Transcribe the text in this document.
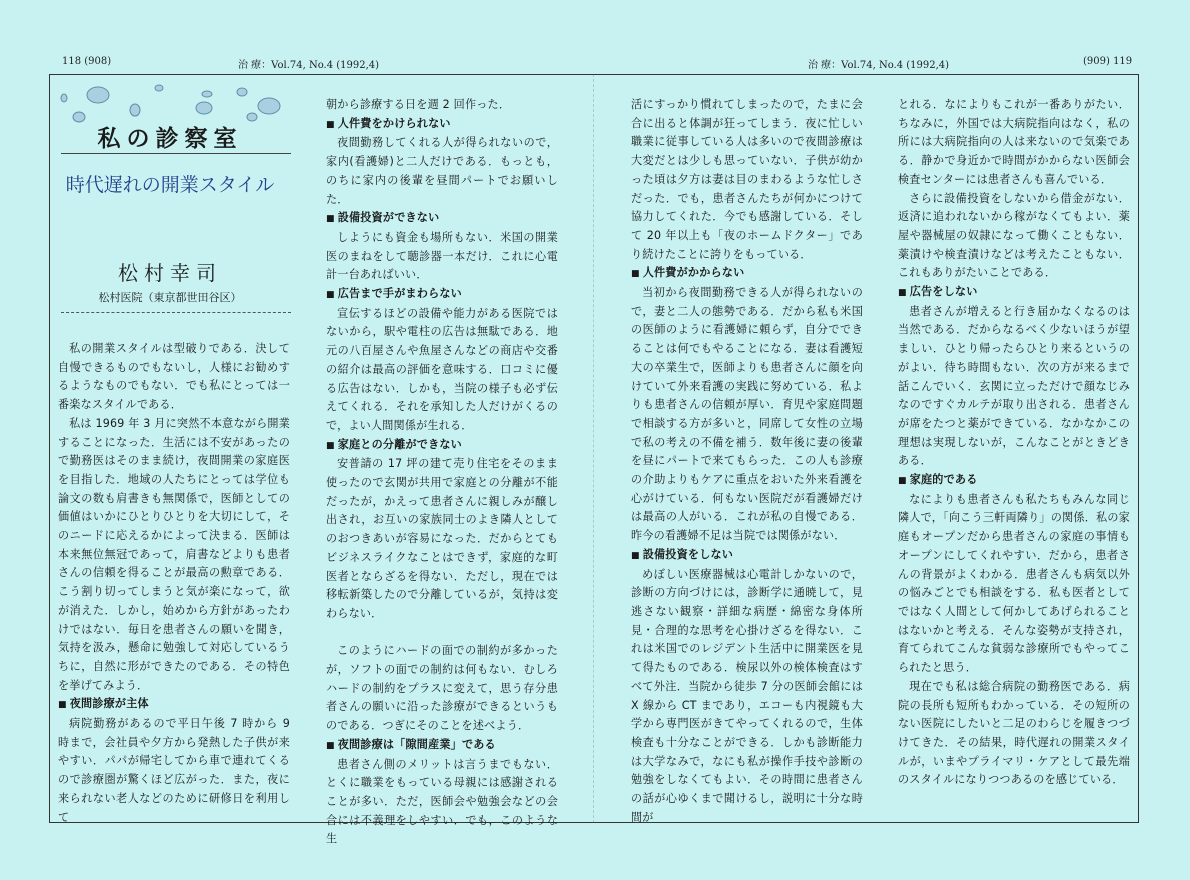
118 (908)	治 療：Vol.74, No.4 (1992,4)	治 療：Vol.74, No.4 (1992,4)	(909) 119
私の診察室
時代遅れの開業スタイル
松村幸司
松村医院（東京都世田谷区）

私の開業スタイルは型破りである．決して自慢できるものでもないし，人様にお勧めするようなものでもない．でも私にとっては一番楽なスタイルである．

私は 1969 年 3 月に突然不本意ながら開業することになった．生活には不安があったので勤務医はそのまま続け，夜間開業の家庭医を目指した．地域の人たちにとっては学位も論文の数も肩書きも無関係で，医師としての価値はいかにひとりひとりを大切にして，そのニードに応えるかによって決まる．医師は本来無位無冠であって，肩書などよりも患者さんの信頼を得ることが最高の勲章である．こう割り切ってしまうと気が楽になって，欲が消えた．しかし，始めから方針があったわけではない．毎日を患者さんの願いを聞き，気持を汲み，懸命に勉強して対応しているうちに，自然に形ができたのである．その特色を挙げてみよう．

■ 夜間診療が主体

病院勤務があるので平日午後 7 時から 9 時まで，会社員や夕方から発熱した子供が来やすい．パパが帰宅してから車で連れてくるので診療圏が驚くほど広がった．また，夜に来られない老人などのために研修日を利用して

朝から診療する日を週 2 回作った．

■ 人件費をかけられない

夜間勤務してくれる人が得られないので，家内(看護婦)と二人だけである．もっとも，のちに家内の後輩を昼間パートでお願いした．

■ 設備投資ができない

しようにも資金も場所もない．米国の開業医のまねをして聴診器一本だけ．これに心電計一台あればいい．

■ 広告まで手がまわらない

宣伝するほどの設備や能力がある医院ではないから，駅や電柱の広告は無駄である．地元の八百屋さんや魚屋さんなどの商店や交番の紹介は最高の評価を意味する．口コミに優る広告はない．しかも，当院の様子も必ず伝えてくれる．それを承知した人だけがくるので，よい人間関係が生れる．

■ 家庭との分離ができない

安普請の 17 坪の建て売り住宅をそのまま使ったので玄関が共用で家庭との分離が不能だったが，かえって患者さんに親しみが醸し出され，お互いの家族同士のよき隣人としてのおつきあいが容易になった．だからとてもビジネスライクなことはできず，家庭的な町医者とならざるを得ない．ただし，現在では移転新築したので分離しているが，気持は変わらない．

このようにハードの面での制約が多かったが，ソフトの面での制約は何もない．むしろハードの制約をプラスに変えて，思う存分患者さんの願いに沿った診療ができるというものである．つぎにそのことを述べよう．

■ 夜間診療は「隙間産業」である

患者さん側のメリットは言うまでもない．とくに職業をもっている母親には感謝されることが多い．ただ，医師会や勉強会などの会合には不義理をしやすい．でも，このような生

活にすっかり慣れてしまったので，たまに会合に出ると体調が狂ってしまう．夜に忙しい職業に従事している人は多いので夜間診療は大変だとは少しも思っていない．子供が幼かった頃は夕方は妻は目のまわるような忙しさだった．でも，患者さんたちが何かにつけて協力してくれた．今でも感謝している．そして 20 年以上も「夜のホームドクター」であり続けたことに誇りをもっている．

■ 人件費がかからない

当初から夜間勤務できる人が得られないので，妻と二人の態勢である．だから私も米国の医師のように看護婦に頼らず，自分でできることは何でもやることになる．妻は看護短大の卒業生で，医師よりも患者さんに顔を向けていて外来看護の実践に努めている．私よりも患者さんの信頼が厚い．育児や家庭問題で相談する方が多いと，同席して女性の立場で私の考えの不備を補う．数年後に妻の後輩を昼にパートで来てもらった．この人も診療の介助よりもケアに重点をおいた外来看護を心がけている．何もない医院だが看護婦だけは最高の人がいる．これが私の自慢である．昨今の看護婦不足は当院では関係がない．

■ 設備投資をしない

めぼしい医療器械は心電計しかないので，診断の方向づけには，診断学に通暁して，見逃さない観察・詳細な病歴・綿密な身体所見・合理的な思考を心掛けざるを得ない．これは米国でのレジデント生活中に開業医を見て得たものである．検尿以外の検体検査はすべて外注．当院から徒歩 7 分の医師会館には X 線から CT まであり，エコーも内視鏡も大学から専門医がきてやってくれるので，生体検査も十分なことができる．しかも診断能力は大学なみで，なにも私が操作手技や診断の勉強をしなくてもよい．その時間に患者さんの話が心ゆくまで聞けるし，説明に十分な時間が

とれる．なによりもこれが一番ありがたい．ちなみに，外国では大病院指向はなく，私の所には大病院指向の人は来ないので気楽である．静かで身近かで時間がかからない医師会検査センターには患者さんも喜んでいる．

さらに設備投資をしないから借金がない．返済に追われないから稼がなくてもよい．薬屋や器械屋の奴隷になって働くこともない．薬漬けや検査漬けなどは考えたこともない．これもありがたいことである．

■ 広告をしない

患者さんが増えると行き届かなくなるのは当然である．だからなるべく少ないほうが望ましい．ひとり帰ったらひとり来るというのがよい．待ち時間もない．次の方が来るまで話こんでいく．玄関に立っただけで顔なじみなのですぐカルテが取り出される．患者さんが席をたつと薬ができている．なかなかこの理想は実現しないが，こんなことがときどきある．

■ 家庭的である

なによりも患者さんも私たちもみんな同じ隣人で，「向こう三軒両隣り」の関係．私の家庭もオープンだから患者さんの家庭の事情もオープンにしてくれやすい．だから，患者さんの背景がよくわかる．患者さんも病気以外の悩みごとでも相談をする．私も医者としてではなく人間として何かしてあげられることはないかと考える．そんな姿勢が支持され，育てられてこんな貧弱な診療所でもやってこられたと思う．

現在でも私は総合病院の勤務医である．病院の長所も短所もわかっている．その短所のない医院にしたいと二足のわらじを履きつづけてきた．その結果，時代遅れの開業スタイルが，いまやプライマリ・ケアとして最先端のスタイルになりつつあるのを感じている．
